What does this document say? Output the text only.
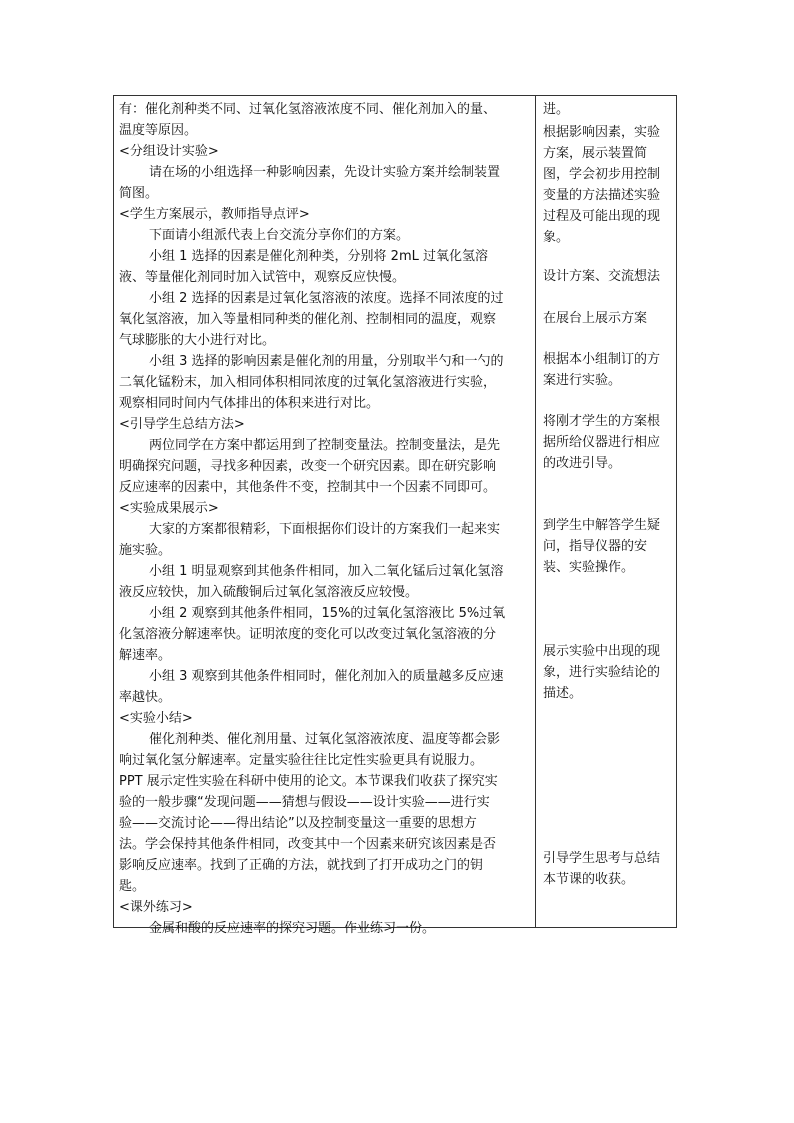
有：催化剂种类不同、过氧化氢溶液浓度不同、催化剂加入的量、
温度等原因。
<分组设计实验>
请在场的小组选择一种影响因素，先设计实验方案并绘制装置
简图。
<学生方案展示，教师指导点评>
下面请小组派代表上台交流分享你们的方案。
小组 1 选择的因素是催化剂种类，分别将 2mL 过氧化氢溶
液、等量催化剂同时加入试管中，观察反应快慢。
小组 2 选择的因素是过氧化氢溶液的浓度。选择不同浓度的过
氧化氢溶液，加入等量相同种类的催化剂、控制相同的温度，观察
气球膨胀的大小进行对比。
小组 3 选择的影响因素是催化剂的用量，分别取半勺和一勺的
二氧化锰粉末，加入相同体积相同浓度的过氧化氢溶液进行实验，
观察相同时间内气体排出的体积来进行对比。
<引导学生总结方法>
两位同学在方案中都运用到了控制变量法。控制变量法，是先
明确探究问题，寻找多种因素，改变一个研究因素。即在研究影响
反应速率的因素中，其他条件不变，控制其中一个因素不同即可。
<实验成果展示>
大家的方案都很精彩，下面根据你们设计的方案我们一起来实
施实验。
小组 1 明显观察到其他条件相同，加入二氧化锰后过氧化氢溶
液反应较快，加入硫酸铜后过氧化氢溶液反应较慢。
小组 2 观察到其他条件相同，15%的过氧化氢溶液比 5%过氧
化氢溶液分解速率快。证明浓度的变化可以改变过氧化氢溶液的分
解速率。
小组 3 观察到其他条件相同时，催化剂加入的质量越多反应速
率越快。
<实验小结>
催化剂种类、催化剂用量、过氧化氢溶液浓度、温度等都会影
响过氧化氢分解速率。定量实验往往比定性实验更具有说服力。
PPT 展示定性实验在科研中使用的论文。本节课我们收获了探究实
验的一般步骤“发现问题——猜想与假设——设计实验——进行实
验——交流讨论——得出结论”以及控制变量这一重要的思想方
法。学会保持其他条件相同，改变其中一个因素来研究该因素是否
影响反应速率。找到了正确的方法，就找到了打开成功之门的钥
匙。
<课外练习>
金属和酸的反应速率的探究习题。作业练习一份。
进。
根据影响因素，实验
方案，展示装置简
图，学会初步用控制
变量的方法描述实验
过程及可能出现的现
象。
设计方案、交流想法
在展台上展示方案
根据本小组制订的方
案进行实验。
将刚才学生的方案根
据所给仪器进行相应
的改进引导。
到学生中解答学生疑
问，指导仪器的安
装、实验操作。
展示实验中出现的现
象，进行实验结论的
描述。
引导学生思考与总结
本节课的收获。
